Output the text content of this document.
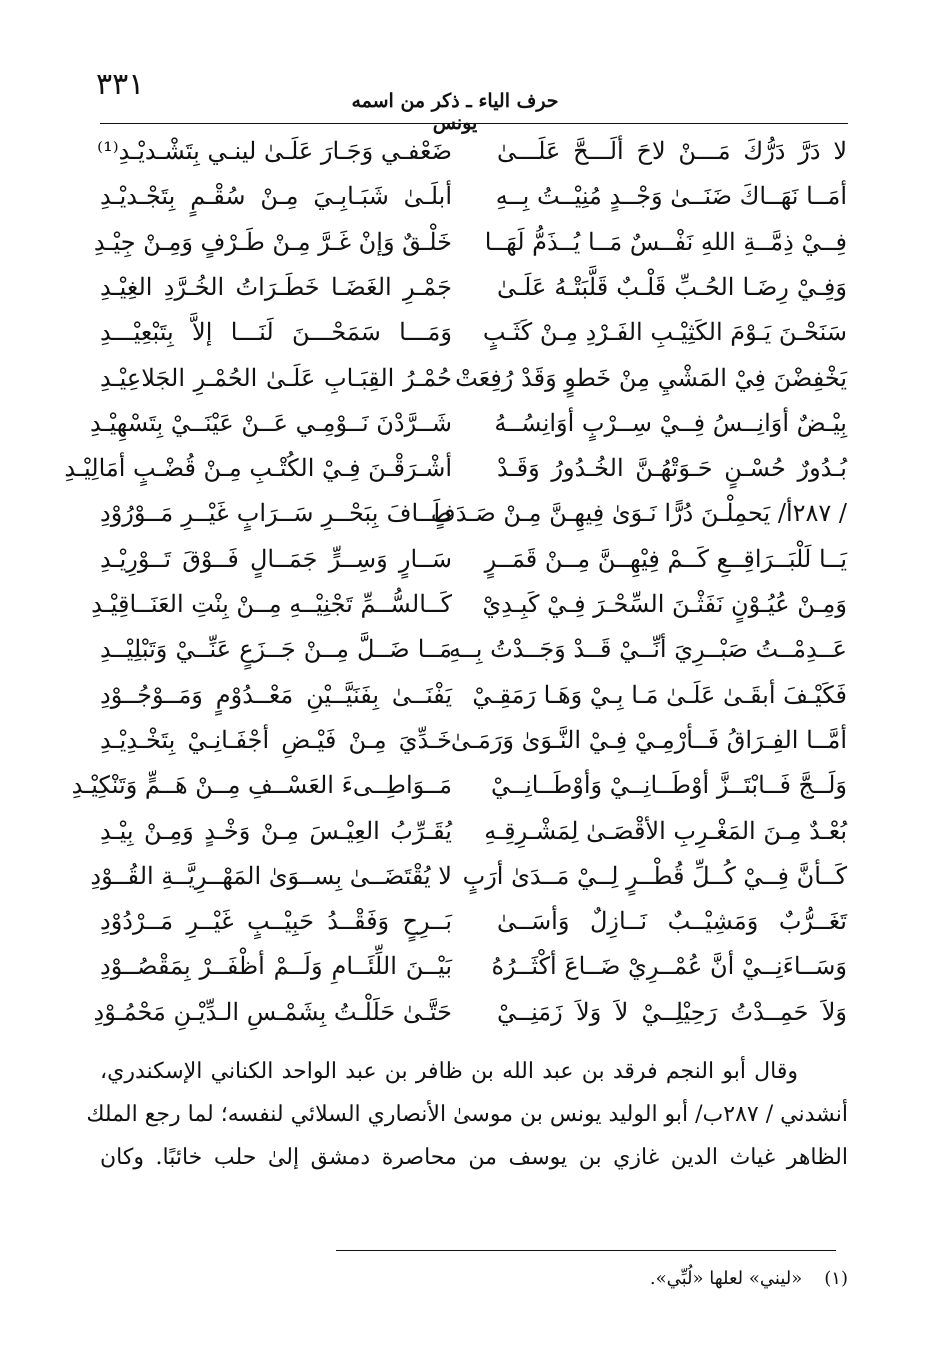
٣٣١	حرف الياء ـ ذكر من اسمه يونس
لا دَرَّ دَرُّكَ مَـــنْ لاحَ ألَـــحَّ عَلَـــىٰ
ضَعْفـي وَجَـارَ عَلَـىٰ لينـي بِتَشْـديْـدِ⁽¹⁾
أمَــا نَهَــاكَ ضَنَــىٰ وَجْــدٍ مُنِيْــتُ بِــهِ
أبلَـىٰ شَبَـابِـيَ مِـنْ سُقْـمٍ بِتَجْـديْـدِ
فِــيْ ذِمَّــةِ اللهِ نَفْــسٌ مَــا يُــذَمُّ لَهَــا
خَلْـقٌ وَإنْ غَـرَّ مِـنْ طَـرْفٍ وَمِـنْ جِيْـدِ
وَفِـيْ رِضَـا الحُـبِّ قَلْـبٌ قَلَّبَتْـهُ عَلَـىٰ
جَمْـرِ الغَضَـا خَطَـرَاتُ الخُـرَّدِ الغِيْـدِ
سَنَحْـنَ يَـوْمَ الكَثِيْـبِ الفَـرْدِ مِـنْ كَثَـبٍ
وَمَـــا سَمَحْـــنَ لَنَـــا إلاَّ بِتَبْعِيْـــدِ
يَخْفِضْنَ فِيْ المَشْيِ مِنْ خَطوٍ وَقَدْ رُفِعَتْ
حُمْـرُ القِبَـابِ عَلَـىٰ الحُمْـرِ الجَلاعِيْـدِ
بِيْـضٌ أوَانِــسُ فِــيْ سِــرْبٍ أوَانِسُــهُ
شَــرَّدْنَ نَــوْمِـي عَــنْ عَيْنَــيْ بِتَسْهِيْـدِ
بُـدُورٌ حُسْـنٍ حَـوَتْهُـنَّ الخُـدُورُ وَقَـدْ
أشْـرَقْـنَ فِـيْ الكُتْـبِ مِـنْ قُضْـبٍ أمَالِيْـدِ
/ ٢٨٧أ/ يَحمِلْـنَ دُرًّا نَـوَىٰ فِيهِـنَّ مِـنْ صَـدَفٍ
طَــافَ بِبَحْــرِ سَــرَابٍ غَيْــرِ مَــوْرُوْدِ
يَــا لَلْبَــرَاقِــعِ كَــمْ فِيْهِــنَّ مِــنْ قَمَــرٍ
سَــارٍ وَسِــرٍّ جَمَــالٍ فَــوْقَ تَــوْرِيْـدِ
وَمِـنْ عُيُـوْنٍ نَفَثْـنَ السِّحْـرَ فِـيْ كَبِـدِيْ
كَــالسُّــمِّ تَجْنِيْــهِ مِــنْ بِنْتِ العَنَــاقِيْـدِ
عَــدِمْــتُ صَبْــرِيَ أنِّــيْ قَــدْ وَجَــدْتُ بِــهِ
مَــا ضَــلَّ مِــنْ جَــزَعٍ عَنِّــيْ وَتَبْلِيْــدِ
فَكَيْـفَ أبقَـىٰ عَلَـىٰ مَـا بِـيْ وَهَـا رَمَقِـيْ
يَفْنَــىٰ بِفَنَيَّــيْنِ مَعْــدُوْمٍ وَمَــوْجُــوْدِ
أمَّــا الفِـرَاقُ فَــأرْمِـيْ فِـيْ النَّـوَىٰ وَرَمَـىٰ
خَـدِّيَ مِـنْ فَيْـضِ أجْفَـانِـيْ بِتَخْـدِيْـدِ
وَلَــجَّ فَــابْتَــزَّ أوْطَــانِــيْ وَأوْطَــانِــيْ
مَــوَاطِــىءَ العَسْــفِ مِــنْ هَــمٍّ وَتَنْكِيْـدِ
بُعْـدٌ مِـنَ المَغْـرِبِ الأقْصَـىٰ لِمَشْـرِقِـهِ
يُقَـرِّبُ العِيْـسَ مِـنْ وَخْـدٍ وَمِـنْ بِيْـدِ
كَــأنَّ فِــيْ كُــلِّ قُطْــرٍ لِــيْ مَــدَىٰ أرَبٍ
لا يُقْتَضَــىٰ بِســوَىٰ المَهْــرِيَّــةِ القُــوْدِ
تَغَــرُّبٌ وَمَشِيْــبٌ نَــازِلٌ وَأسَــىٰ
بَــرِحٍ وَفَقْــدُ حَبِيْــبٍ غَيْــرِ مَــرْدُوْدِ
وَسَــاءَنِــيْ أنَّ عُمْــرِيْ ضَــاعَ أكْثَــرُهُ
بَيْــنَ اللِّئَــامِ وَلَــمْ أظْفَــرْ بِمَقْصُــوْدِ
وَلاَ حَمِــدْتُ رَحِيْلِــيْ لاَ وَلاَ زَمَنِــيْ
حَتَّـىٰ حَلَلْـتُ بِشَمْـسِ الـدِّيْـنِ مَحْمُـوْدِ
وقال أبو النجم فرقد بن عبد الله بن ظافر بن عبد الواحد الكناني الإسكندري،
أنشدني / ٢٨٧ب/ أبو الوليد يونس بن موسىٰ الأنصاري السلائي لنفسه؛ لما رجع الملك
الظاهر غياث الدين غازي بن يوسف من محاصرة دمشق إلىٰ حلب خائبًا. وكان
(١)«ليني» لعلها «لُبِّي».
